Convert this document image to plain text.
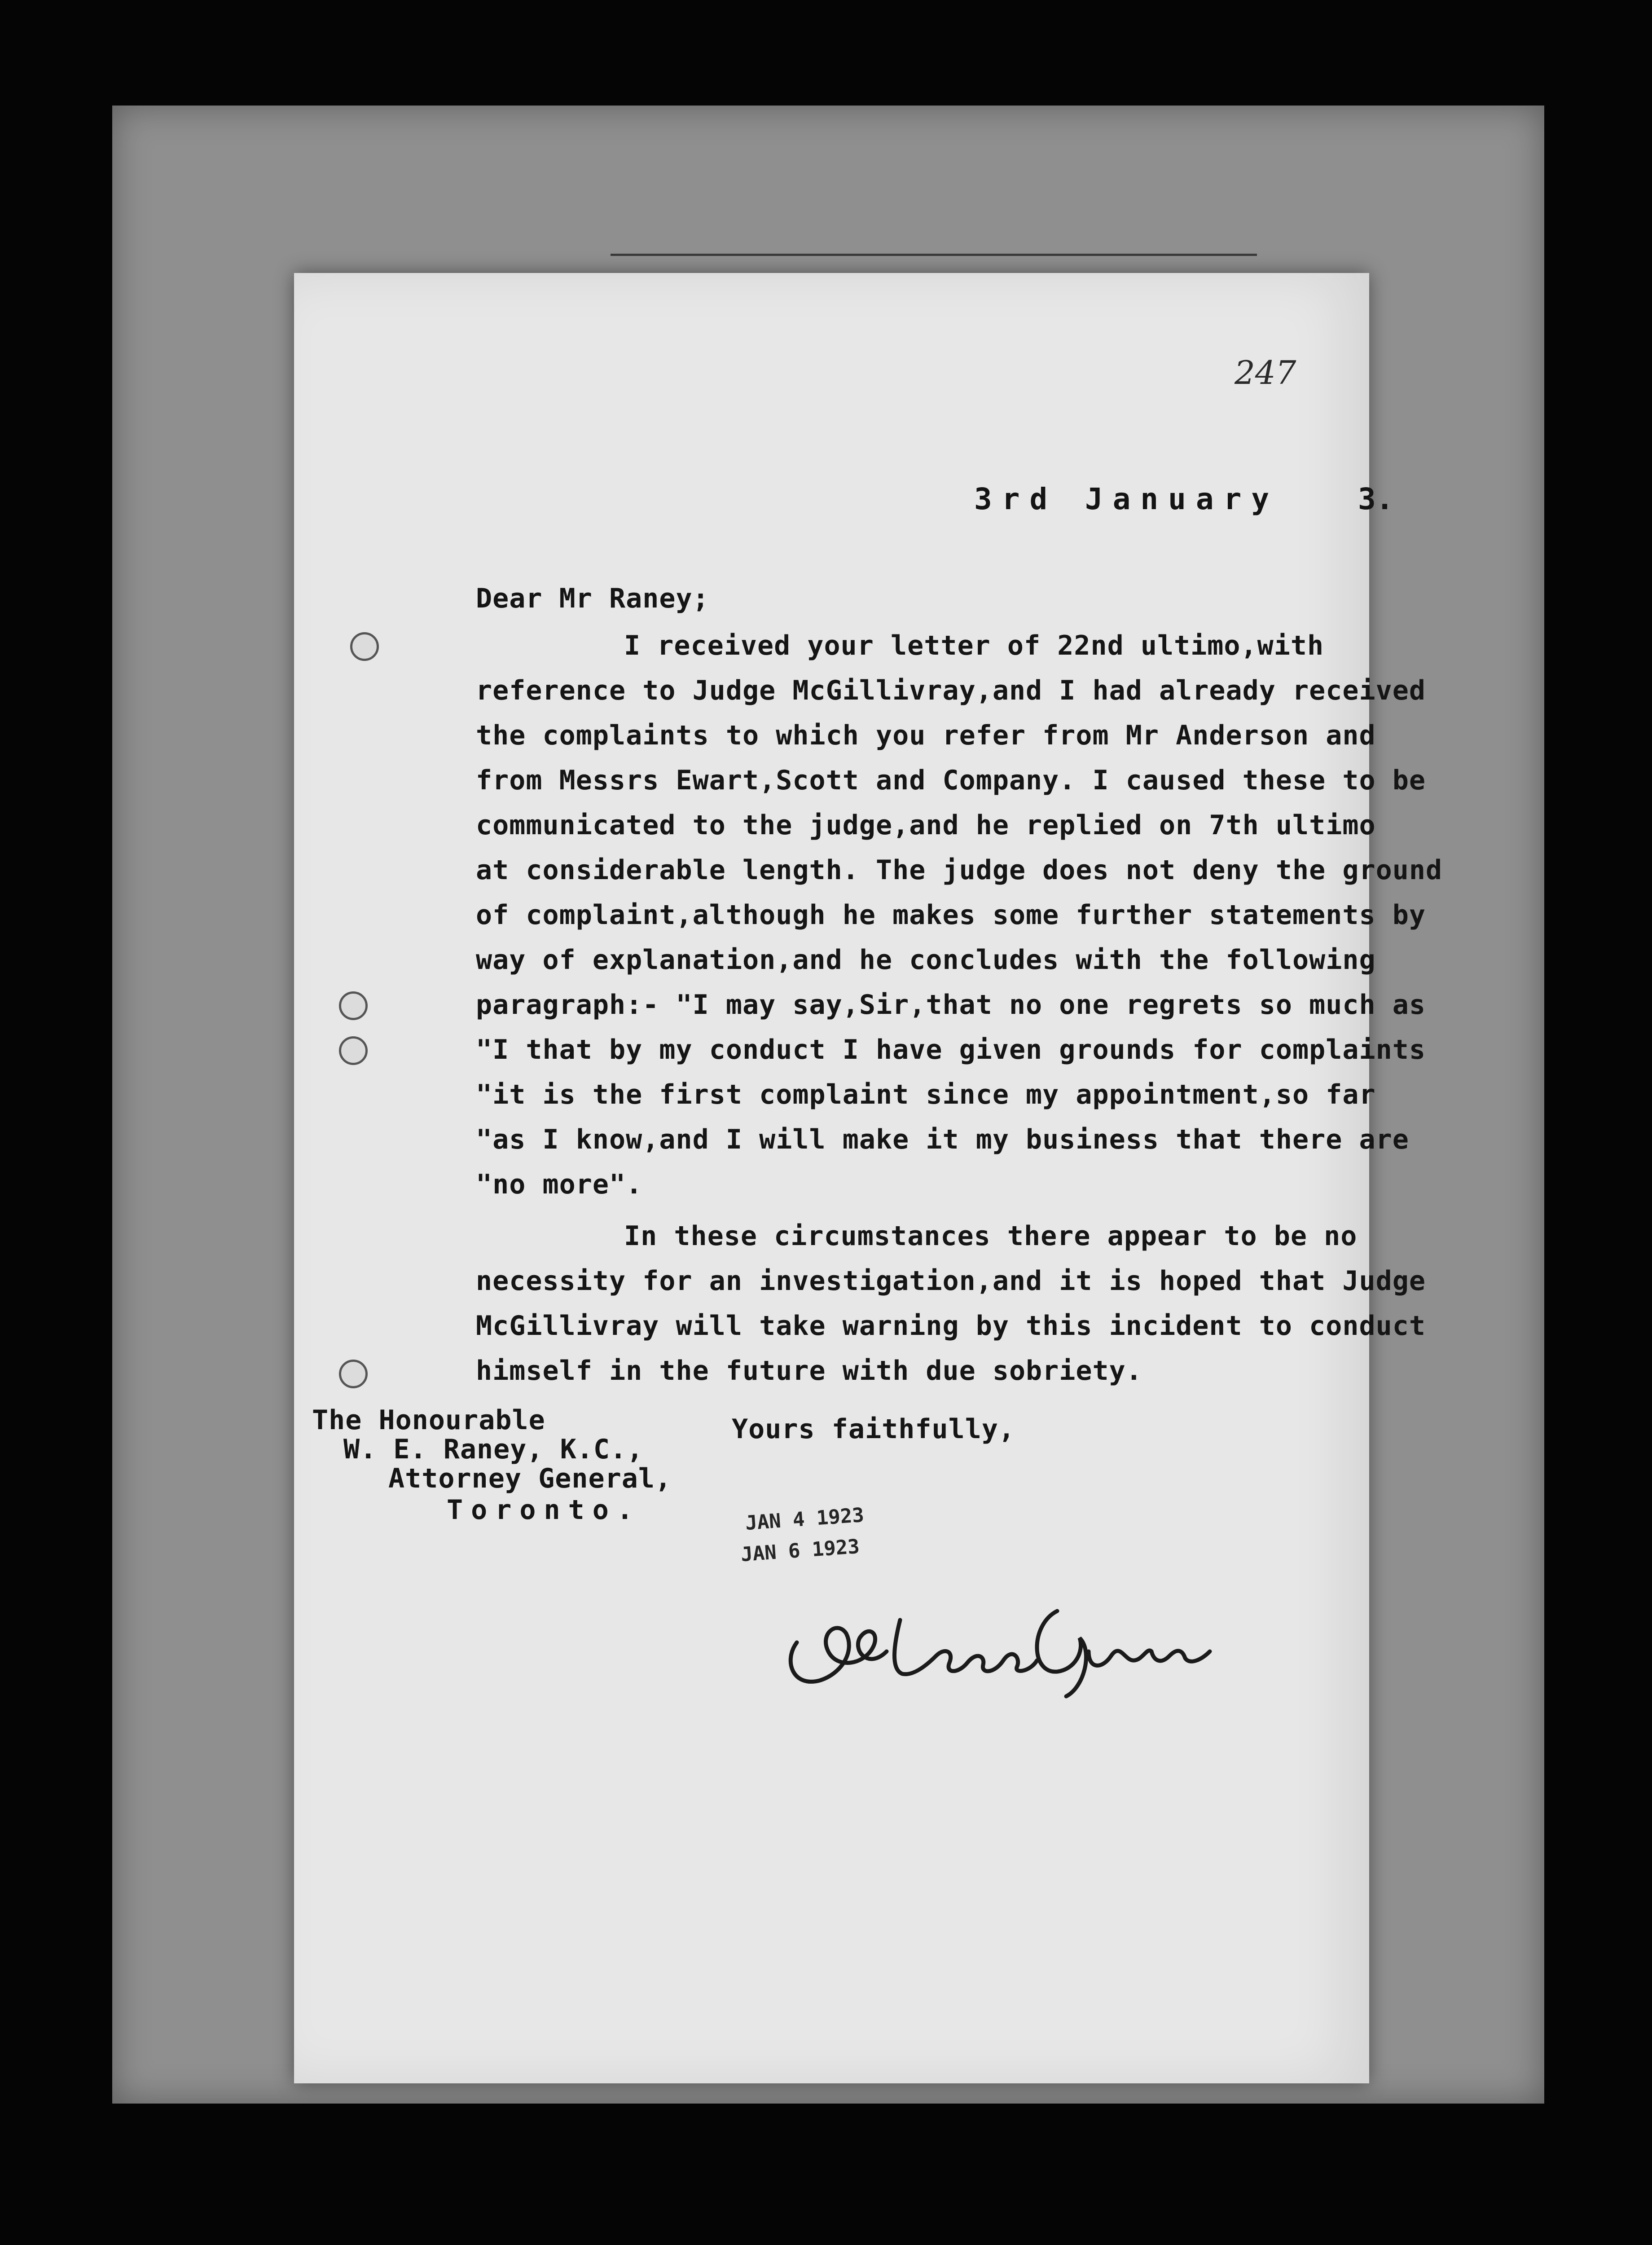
247
3rd January	3.
Dear Mr Raney;
I received your letter of 22nd ultimo,with
reference to Judge McGillivray,and I had already received
the complaints to which you refer from Mr Anderson and
from Messrs Ewart,Scott and Company. I caused these to be
communicated to the judge,and he replied on 7th ultimo
at considerable length. The judge does not deny the ground
of complaint,although he makes some further statements by
way of explanation,and he concludes with the following
paragraph:- "I may say,Sir,that no one regrets so much as
"I that by my conduct I have given grounds for complaints
"it is the first complaint since my appointment,so far
"as I know,and I will make it my business that there are
"no more".
In these circumstances there appear to be no
necessity for an investigation,and it is hoped that Judge
McGillivray will take warning by this incident to conduct
himself in the future with due sobriety.
Yours faithfully,
The Honourable
W. E. Raney, K.C.,
Attorney General,
Toronto.	JAN 4 1923
JAN 6 1923
